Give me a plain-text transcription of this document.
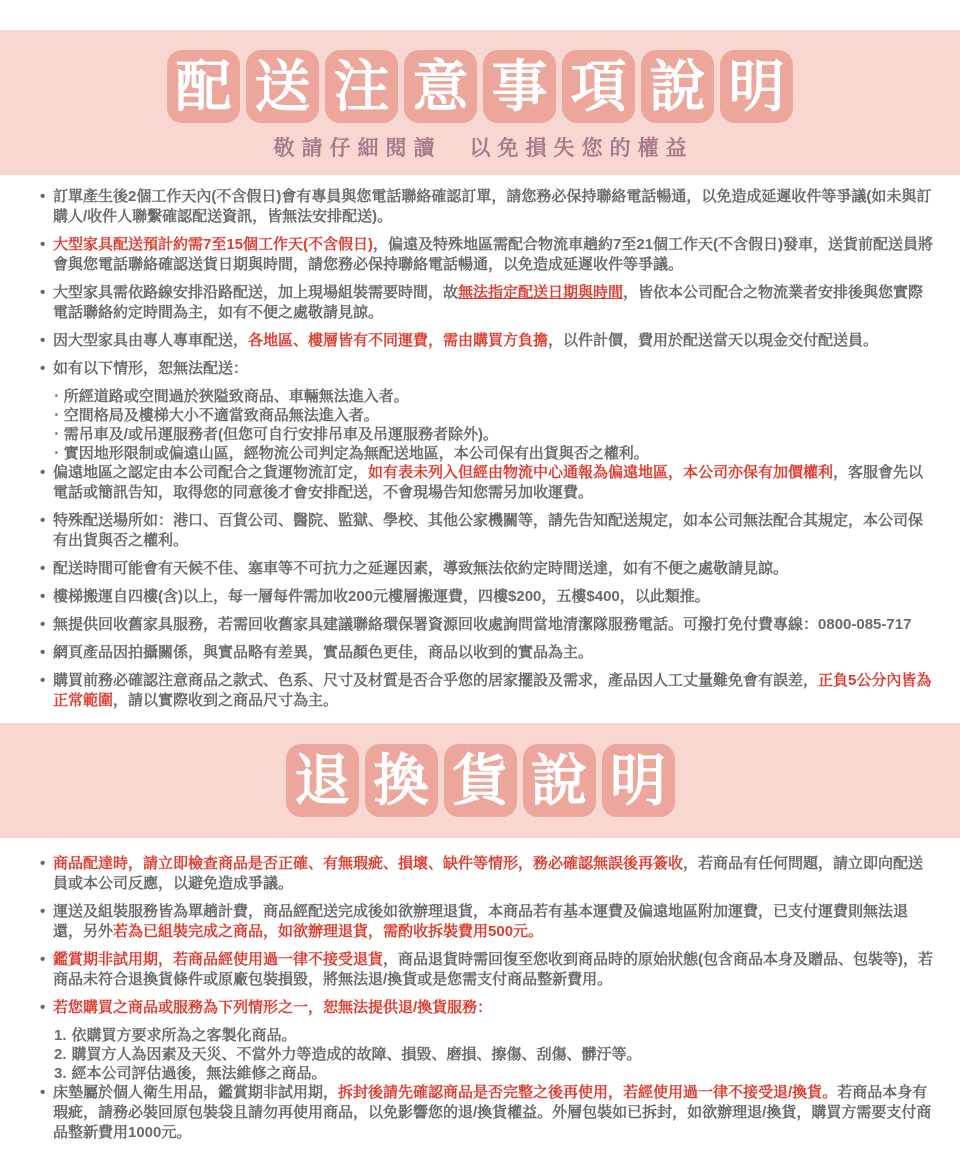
配 送 注 意 事 項 說 明
敬請仔細閱讀　以免損失您的權益
• 訂單產生後2個工作天內(不含假日)會有專員與您電話聯絡確認訂單，請您務必保持聯絡電話暢通，以免造成延遲收件等爭議(如未與訂購人/收件人聯繫確認配送資訊，皆無法安排配送)。
• 大型家具配送預計約需7至15個工作天(不含假日)，偏遠及特殊地區需配合物流車趟約7至21個工作天(不含假日)發車，送貨前配送員將會與您電話聯絡確認送貨日期與時間，請您務必保持聯絡電話暢通，以免造成延遲收件等爭議。
• 大型家具需依路線安排沿路配送，加上現場組裝需要時間，故無法指定配送日期與時間，皆依本公司配合之物流業者安排後與您實際電話聯絡約定時間為主，如有不便之處敬請見諒。
• 因大型家具由專人專車配送，各地區、樓層皆有不同運費，需由購買方負擔，以件計價，費用於配送當天以現金交付配送員。
• 如有以下情形，恕無法配送：
‧ 所經道路或空間過於狹隘致商品、車輛無法進入者。
‧ 空間格局及樓梯大小不適當致商品無法進入者。
‧ 需吊車及/或吊運服務者(但您可自行安排吊車及吊運服務者除外)。
‧ 實因地形限制或偏遠山區，經物流公司判定為無配送地區，本公司保有出貨與否之權利。
• 偏遠地區之認定由本公司配合之貨運物流訂定，如有表未列入但經由物流中心通報為偏遠地區，本公司亦保有加價權利，客服會先以電話或簡訊告知，取得您的同意後才會安排配送，不會現場告知您需另加收運費。
• 特殊配送場所如：港口、百貨公司、醫院、監獄、學校、其他公家機關等，請先告知配送規定，如本公司無法配合其規定，本公司保有出貨與否之權利。
• 配送時間可能會有天候不佳、塞車等不可抗力之延遲因素，導致無法依約定時間送達，如有不便之處敬請見諒。
• 樓梯搬運自四樓(含)以上，每一層每件需加收200元樓層搬運費，四樓$200，五樓$400，以此類推。
• 無提供回收舊家具服務，若需回收舊家具建議聯絡環保署資源回收處詢問當地清潔隊服務電話。可撥打免付費專線：0800-085-717
• 網頁產品因拍攝關係，與實品略有差異，實品顏色更佳，商品以收到的實品為主。
• 購買前務必確認注意商品之款式、色系、尺寸及材質是否合乎您的居家擺設及需求，產品因人工丈量難免會有誤差，正負5公分內皆為正常範圍，請以實際收到之商品尺寸為主。
退 換 貨 說 明
• 商品配達時，請立即檢查商品是否正確、有無瑕疵、損壞、缺件等情形，務必確認無誤後再簽收，若商品有任何問題，請立即向配送員或本公司反應，以避免造成爭議。
• 運送及組裝服務皆為單趟計費，商品經配送完成後如欲辦理退貨，本商品若有基本運費及偏遠地區附加運費，已支付運費則無法退還，另外若為已組裝完成之商品，如欲辦理退貨，需酌收拆裝費用500元。
• 鑑賞期非試用期，若商品經使用過一律不接受退貨，商品退貨時需回復至您收到商品時的原始狀態(包含商品本身及贈品、包裝等)，若商品未符合退換貨條件或原廠包裝損毀，將無法退/換貨或是您需支付商品整新費用。
• 若您購買之商品或服務為下列情形之一，恕無法提供退/換貨服務：
1. 依購買方要求所為之客製化商品。
2. 購買方人為因素及天災、不當外力等造成的故障、損毀、磨損、擦傷、刮傷、髒汙等。
3. 經本公司評估過後，無法維修之商品。
• 床墊屬於個人衛生用品，鑑賞期非試用期，拆封後請先確認商品是否完整之後再使用，若經使用過一律不接受退/換貨。若商品本身有瑕疵，請務必裝回原包裝袋且請勿再使用商品，以免影響您的退/換貨權益。外層包裝如已拆封，如欲辦理退/換貨，購買方需要支付商品整新費用1000元。
